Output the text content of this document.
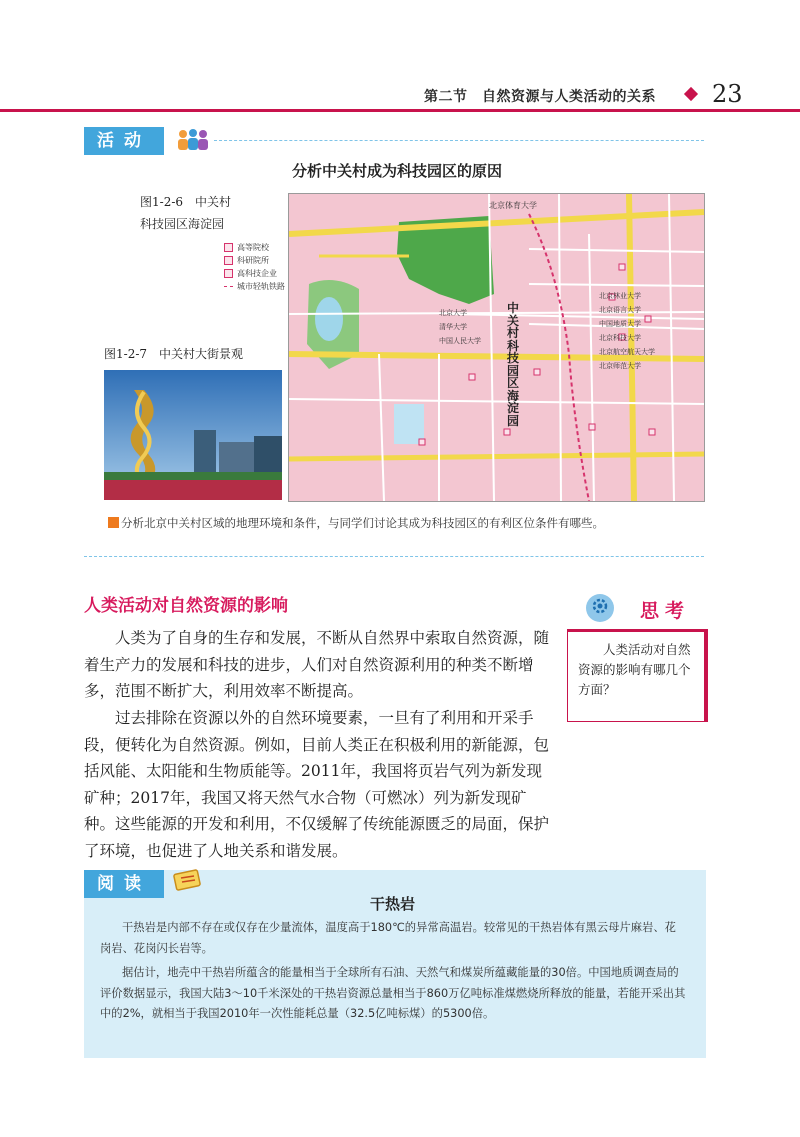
第二节　自然资源与人类活动的关系 23
活动
分析中关村成为科技园区的原因
图1-2-6　中关村
科技园区海淀园
高等院校
科研院所
高科技企业
城市轻轨铁路
图1-2-7　中关村大街景观
北京体育大学
中关村科技园区海淀园
北京林业大学
北京语言大学
中国地质大学
北京科技大学
北京航空航天大学
北京师范大学
北京大学
清华大学
中国人民大学
分析北京中关村区域的地理环境和条件，与同学们讨论其成为科技园区的有利区位条件有哪些。
人类活动对自然资源的影响
人类为了自身的生存和发展，不断从自然界中索取自然资源，随着生产力的发展和科技的进步，人们对自然资源利用的种类不断增多，范围不断扩大，利用效率不断提高。
过去排除在资源以外的自然环境要素，一旦有了利用和开采手段，便转化为自然资源。例如，目前人类正在积极利用的新能源，包括风能、太阳能和生物质能等。2011年，我国将页岩气列为新发现矿种；2017年，我国又将天然气水合物（可燃冰）列为新发现矿种。这些能源的开发和利用，不仅缓解了传统能源匮乏的局面，保护了环境，也促进了人地关系和谐发展。
思考
人类活动对自然资源的影响有哪几个方面？
阅读
干热岩
干热岩是内部不存在或仅存在少量流体，温度高于180℃的异常高温岩。较常见的干热岩体有黑云母片麻岩、花岗岩、花岗闪长岩等。
据估计，地壳中干热岩所蕴含的能量相当于全球所有石油、天然气和煤炭所蕴藏能量的30倍。中国地质调查局的评价数据显示，我国大陆3～10千米深处的干热岩资源总量相当于860万亿吨标准煤燃烧所释放的能量，若能开采出其中的2%，就相当于我国2010年一次性能耗总量（32.5亿吨标煤）的5300倍。
